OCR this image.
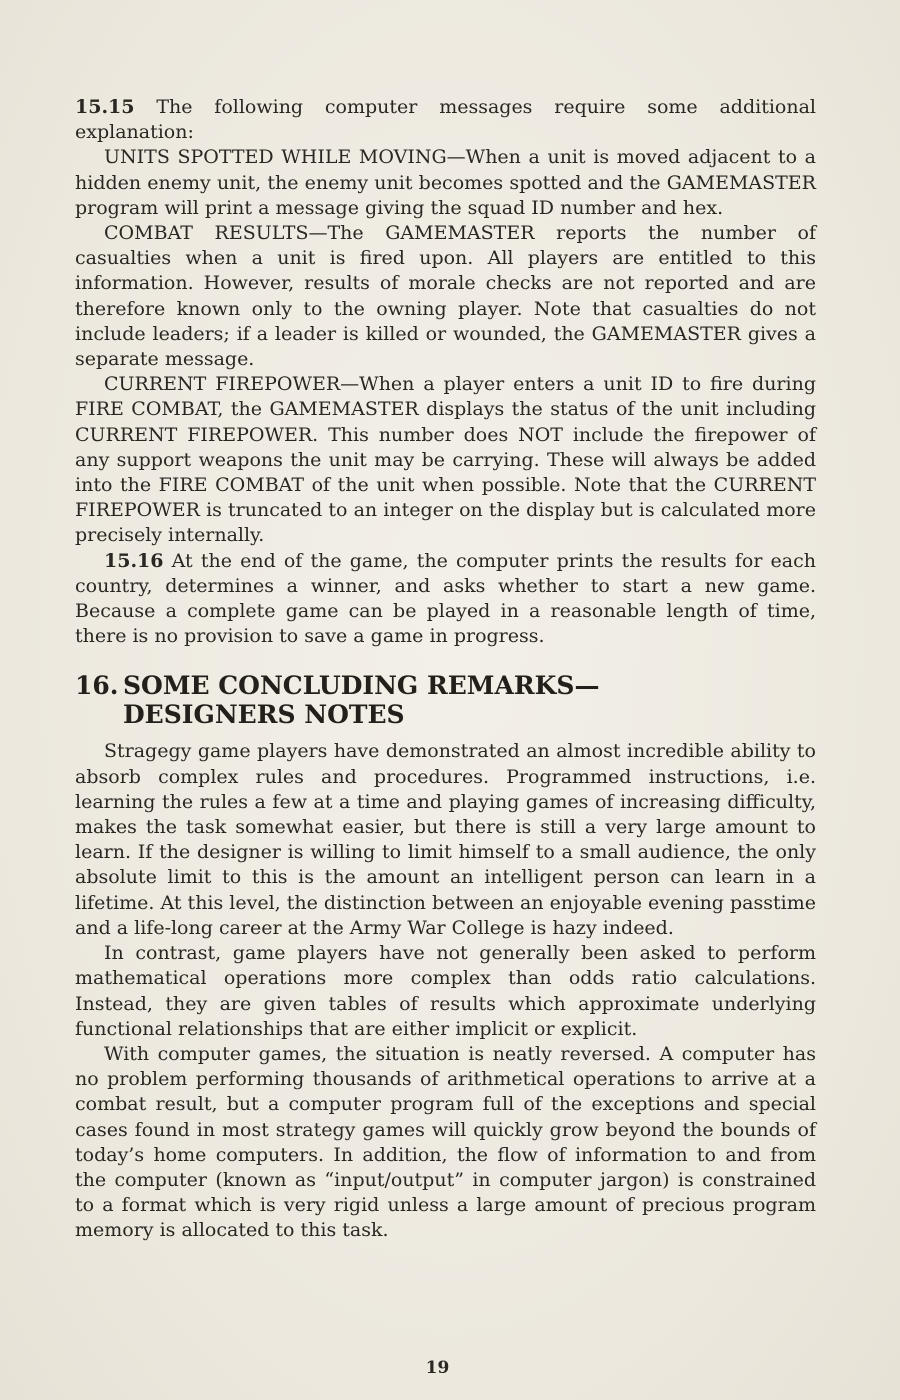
15.15 The following computer messages require some additional explanation:

UNITS SPOTTED WHILE MOVING—When a unit is moved adjacent to a hidden enemy unit, the enemy unit becomes spotted and the GAMEMASTER program will print a message giving the squad ID number and hex.

COMBAT RESULTS—The GAMEMASTER reports the number of casualties when a unit is fired upon. All players are entitled to this information. However, results of morale checks are not reported and are therefore known only to the owning player. Note that casualties do not include leaders; if a leader is killed or wounded, the GAMEMASTER gives a separate message.

CURRENT FIREPOWER—When a player enters a unit ID to fire during FIRE COMBAT, the GAMEMASTER displays the status of the unit including CURRENT FIREPOWER. This number does NOT include the firepower of any support weapons the unit may be carrying. These will always be added into the FIRE COMBAT of the unit when possible. Note that the CURRENT FIREPOWER is truncated to an integer on the display but is calculated more precisely internally.

15.16 At the end of the game, the computer prints the results for each country, determines a winner, and asks whether to start a new game. Because a complete game can be played in a reasonable length of time, there is no provision to save a game in progress.

16. SOME CONCLUDING REMARKS—
DESIGNERS NOTES

Stragegy game players have demonstrated an almost incredible ability to absorb complex rules and procedures. Programmed instructions, i.e. learning the rules a few at a time and playing games of increasing difficulty, makes the task somewhat easier, but there is still a very large amount to learn. If the designer is willing to limit himself to a small audience, the only absolute limit to this is the amount an intelligent person can learn in a lifetime. At this level, the distinction between an enjoyable evening passtime and a life-long career at the Army War College is hazy indeed.

In contrast, game players have not generally been asked to perform mathematical operations more complex than odds ratio calculations. Instead, they are given tables of results which approximate underlying functional relationships that are either implicit or explicit.

With computer games, the situation is neatly reversed. A computer has no problem performing thousands of arithmetical operations to arrive at a combat result, but a computer program full of the exceptions and special cases found in most strategy games will quickly grow beyond the bounds of today’s home computers. In addition, the flow of information to and from the computer (known as “input/output” in computer jargon) is constrained to a format which is very rigid unless a large amount of precious program memory is allocated to this task.

19
